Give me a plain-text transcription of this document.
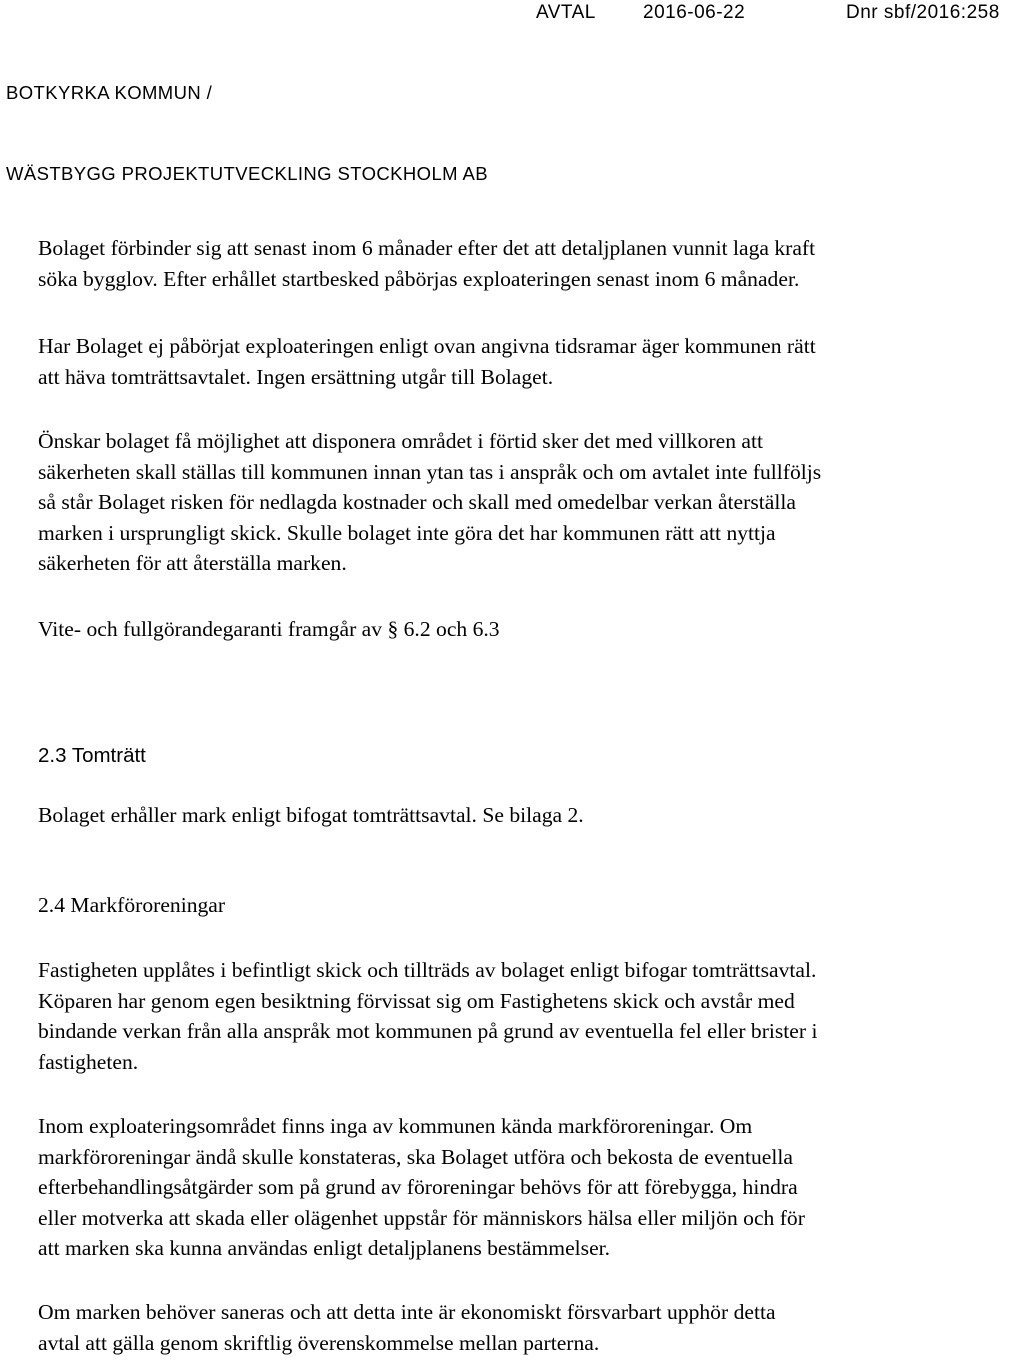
AVTAL 2016-06-22	Dnr sbf/2016:258
BOTKYRKA KOMMUN /
WÄSTBYGG PROJEKTUTVECKLING STOCKHOLM AB
Bolaget förbinder sig att senast inom 6 månader efter det att detaljplanen vunnit laga kraft
söka bygglov. Efter erhållet startbesked påbörjas exploateringen senast inom 6 månader.
Har Bolaget ej påbörjat exploateringen enligt ovan angivna tidsramar äger kommunen rätt
att häva tomträttsavtalet. Ingen ersättning utgår till Bolaget.
Önskar bolaget få möjlighet att disponera området i förtid sker det med villkoren att
säkerheten skall ställas till kommunen innan ytan tas i anspråk och om avtalet inte fullföljs
så står Bolaget risken för nedlagda kostnader och skall med omedelbar verkan återställa
marken i ursprungligt skick. Skulle bolaget inte göra det har kommunen rätt att nyttja
säkerheten för att återställa marken.
Vite- och fullgörandegaranti framgår av § 6.2 och 6.3
2.3 Tomträtt
Bolaget erhåller mark enligt bifogat tomträttsavtal. Se bilaga 2.
2.4 Markföroreningar
Fastigheten upplåtes i befintligt skick och tillträds av bolaget enligt bifogar tomträttsavtal.
Köparen har genom egen besiktning förvissat sig om Fastighetens skick och avstår med
bindande verkan från alla anspråk mot kommunen på grund av eventuella fel eller brister i
fastigheten.
Inom exploateringsområdet finns inga av kommunen kända markföroreningar. Om
markföroreningar ändå skulle konstateras, ska Bolaget utföra och bekosta de eventuella
efterbehandlingsåtgärder som på grund av föroreningar behövs för att förebygga, hindra
eller motverka att skada eller olägenhet uppstår för människors hälsa eller miljön och för
att marken ska kunna användas enligt detaljplanens bestämmelser.
Om marken behöver saneras och att detta inte är ekonomiskt försvarbart upphör detta
avtal att gälla genom skriftlig överenskommelse mellan parterna.
